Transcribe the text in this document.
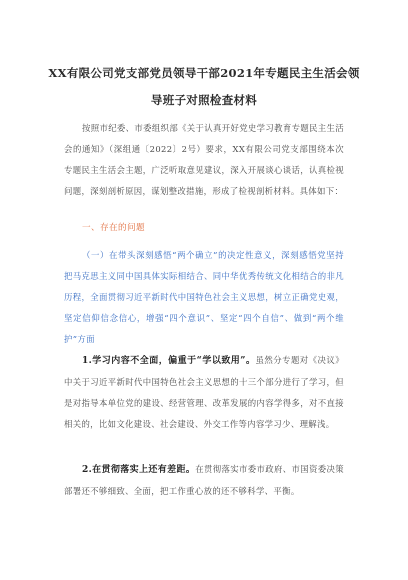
XX有限公司党支部党员领导干部2021年专题民主生活会领
导班子对照检查材料
按照市纪委、市委组织部《关于认真开好党史学习教育专题民主生活会的通知》（深组通〔2022〕2号）要求，XX有限公司党支部围绕本次专题民主生活会主题，广泛听取意见建议，深入开展谈心谈话，认真检视问题，深刻剖析原因，谋划整改措施，形成了检视剖析材料。具体如下：
一、存在的问题
（一）在带头深刻感悟“两个确立”的决定性意义，深刻感悟党坚持把马克思主义同中国具体实际相结合、同中华优秀传统文化相结合的非凡历程，全面贯彻习近平新时代中国特色社会主义思想，树立正确党史观，坚定信仰信念信心，增强“四个意识”、坚定“四个自信”、做到“两个维护”方面
1.学习内容不全面，偏重于“学以致用”。虽然分专题对《决议》中关于习近平新时代中国特色社会主义思想的十三个部分进行了学习，但是对指导本单位党的建设、经营管理、改革发展的内容学得多，对不直接相关的，比如文化建设、社会建设、外交工作等内容学习少、理解浅。
2.在贯彻落实上还有差距。在贯彻落实市委市政府、市国资委决策部署还不够细致、全面，把工作重心放的还不够科学、平衡。
